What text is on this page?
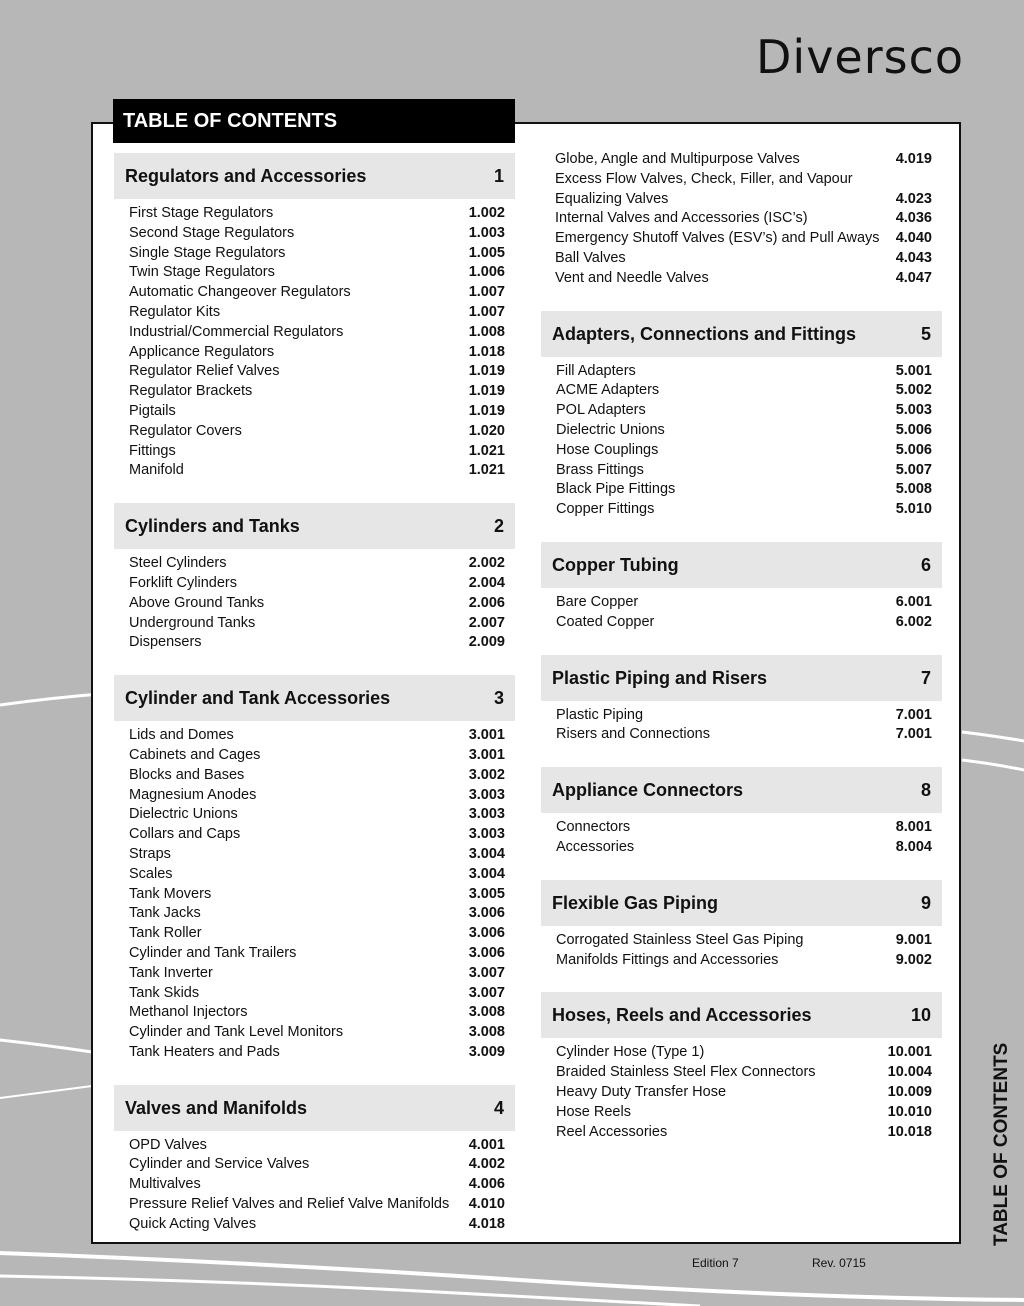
Diversco
TABLE OF CONTENTS
Regulators and Accessories	1
First Stage Regulators	1.002
Second Stage Regulators	1.003
Single Stage Regulators	1.005
Twin Stage Regulators	1.006
Automatic Changeover Regulators	1.007
Regulator Kits	1.007
Industrial/Commercial Regulators	1.008
Applicance Regulators	1.018
Regulator Relief Valves	1.019
Regulator Brackets	1.019
Pigtails	1.019
Regulator Covers	1.020
Fittings	1.021
Manifold	1.021
Cylinders and Tanks	2
Steel Cylinders	2.002
Forklift Cylinders	2.004
Above Ground Tanks	2.006
Underground Tanks	2.007
Dispensers	2.009
Cylinder and Tank Accessories	3
Lids and Domes	3.001
Cabinets and Cages	3.001
Blocks and Bases	3.002
Magnesium Anodes	3.003
Dielectric Unions	3.003
Collars and Caps	3.003
Straps	3.004
Scales	3.004
Tank Movers	3.005
Tank Jacks	3.006
Tank Roller	3.006
Cylinder and Tank Trailers	3.006
Tank Inverter	3.007
Tank Skids	3.007
Methanol Injectors	3.008
Cylinder and Tank Level Monitors	3.008
Tank Heaters and Pads	3.009
Valves and Manifolds	4
OPD Valves	4.001
Cylinder and Service Valves	4.002
Multivalves	4.006
Pressure Relief Valves and Relief Valve Manifolds 4.010
Quick Acting Valves	4.018
Globe, Angle and Multipurpose Valves	4.019
Excess Flow Valves, Check, Filler, and Vapour
Equalizing Valves	4.023
Internal Valves and Accessories (ISC’s)	4.036
Emergency Shutoff Valves (ESV’s) and Pull Aways 4.040
Ball Valves	4.043
Vent and Needle Valves	4.047
Adapters, Connections and Fittings	5
Fill Adapters	5.001
ACME Adapters	5.002
POL Adapters	5.003
Dielectric Unions	5.006
Hose Couplings	5.006
Brass Fittings	5.007
Black Pipe Fittings	5.008
Copper Fittings	5.010
Copper Tubing	6
Bare Copper	6.001
Coated Copper	6.002
Plastic Piping and Risers	7
Plastic Piping	7.001
Risers and Connections	7.001
Appliance Connectors	8
Connectors	8.001
Accessories	8.004
Flexible Gas Piping	9
Corrogated Stainless Steel Gas Piping	9.001
Manifolds Fittings and Accessories	9.002
Hoses, Reels and Accessories	10
Cylinder Hose (Type 1)	10.001
Braided Stainless Steel Flex Connectors	10.004
Heavy Duty Transfer Hose	10.009
Hose Reels	10.010
Reel Accessories	10.018	TABLE OF CONTENTS
Edition 7	Rev. 0715
